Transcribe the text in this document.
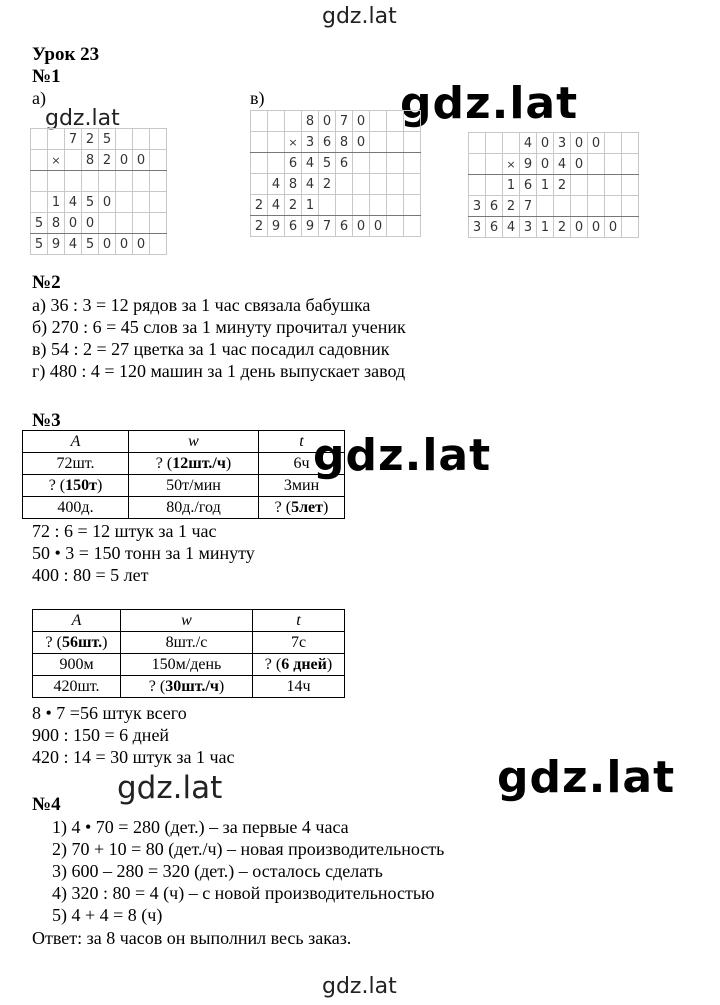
gdz.lat
gdz.lat	gdz.lat
gdz.lat
gdz.lat
gdz.lat
gdz.lat
Урок 23
№1
а)	в)
		7	2	5			
	×		8	2	0	0	

	1	4	5	0			
5	8	0	0				
5	9	4	5	0	0	0	
			8	0	7	0			
		×	3	6	8	0			
		6	4	5	6				
	4	8	4	2					
2	4	2	1						
2	9	6	9	7	6	0	0		
			4	0	3	0	0		
		×	9	0	4	0			
		1	6	1	2				
3	6	2	7						
3	6	4	3	1	2	0	0	0	
№2
а) 36 : 3 = 12 рядов за 1 час связала бабушка
б) 270 : 6 = 45 слов за 1 минуту прочитал ученик
в) 54 : 2 = 27 цветка за 1 час посадил садовник
г) 480 : 4 = 120 машин за 1 день выпускает завод
№3
A	w	t
72шт.	? (12шт./ч)	6ч
? (150т)	50т/мин	3мин
400д.	80д./год	? (5лет)
72 : 6 = 12 штук за 1 час
50 • 3 = 150 тонн за 1 минуту
400 : 80 = 5 лет
A	w	t
? (56шт.)	8шт./с	7с
900м	150м/день	? (6 дней)
420шт.	? (30шт./ч)	14ч
8 • 7 =56 штук всего
900 : 150 = 6 дней
420 : 14 = 30 штук за 1 час
№4
1) 4 • 70 = 280 (дет.) – за первые 4 часа
2) 70 + 10 = 80 (дет./ч) – новая производительность
3) 600 – 280 = 320 (дет.) – осталось сделать
4) 320 : 80 = 4 (ч) – с новой производительностью
5) 4 + 4 = 8 (ч)
Ответ: за 8 часов он выполнил весь заказ.
